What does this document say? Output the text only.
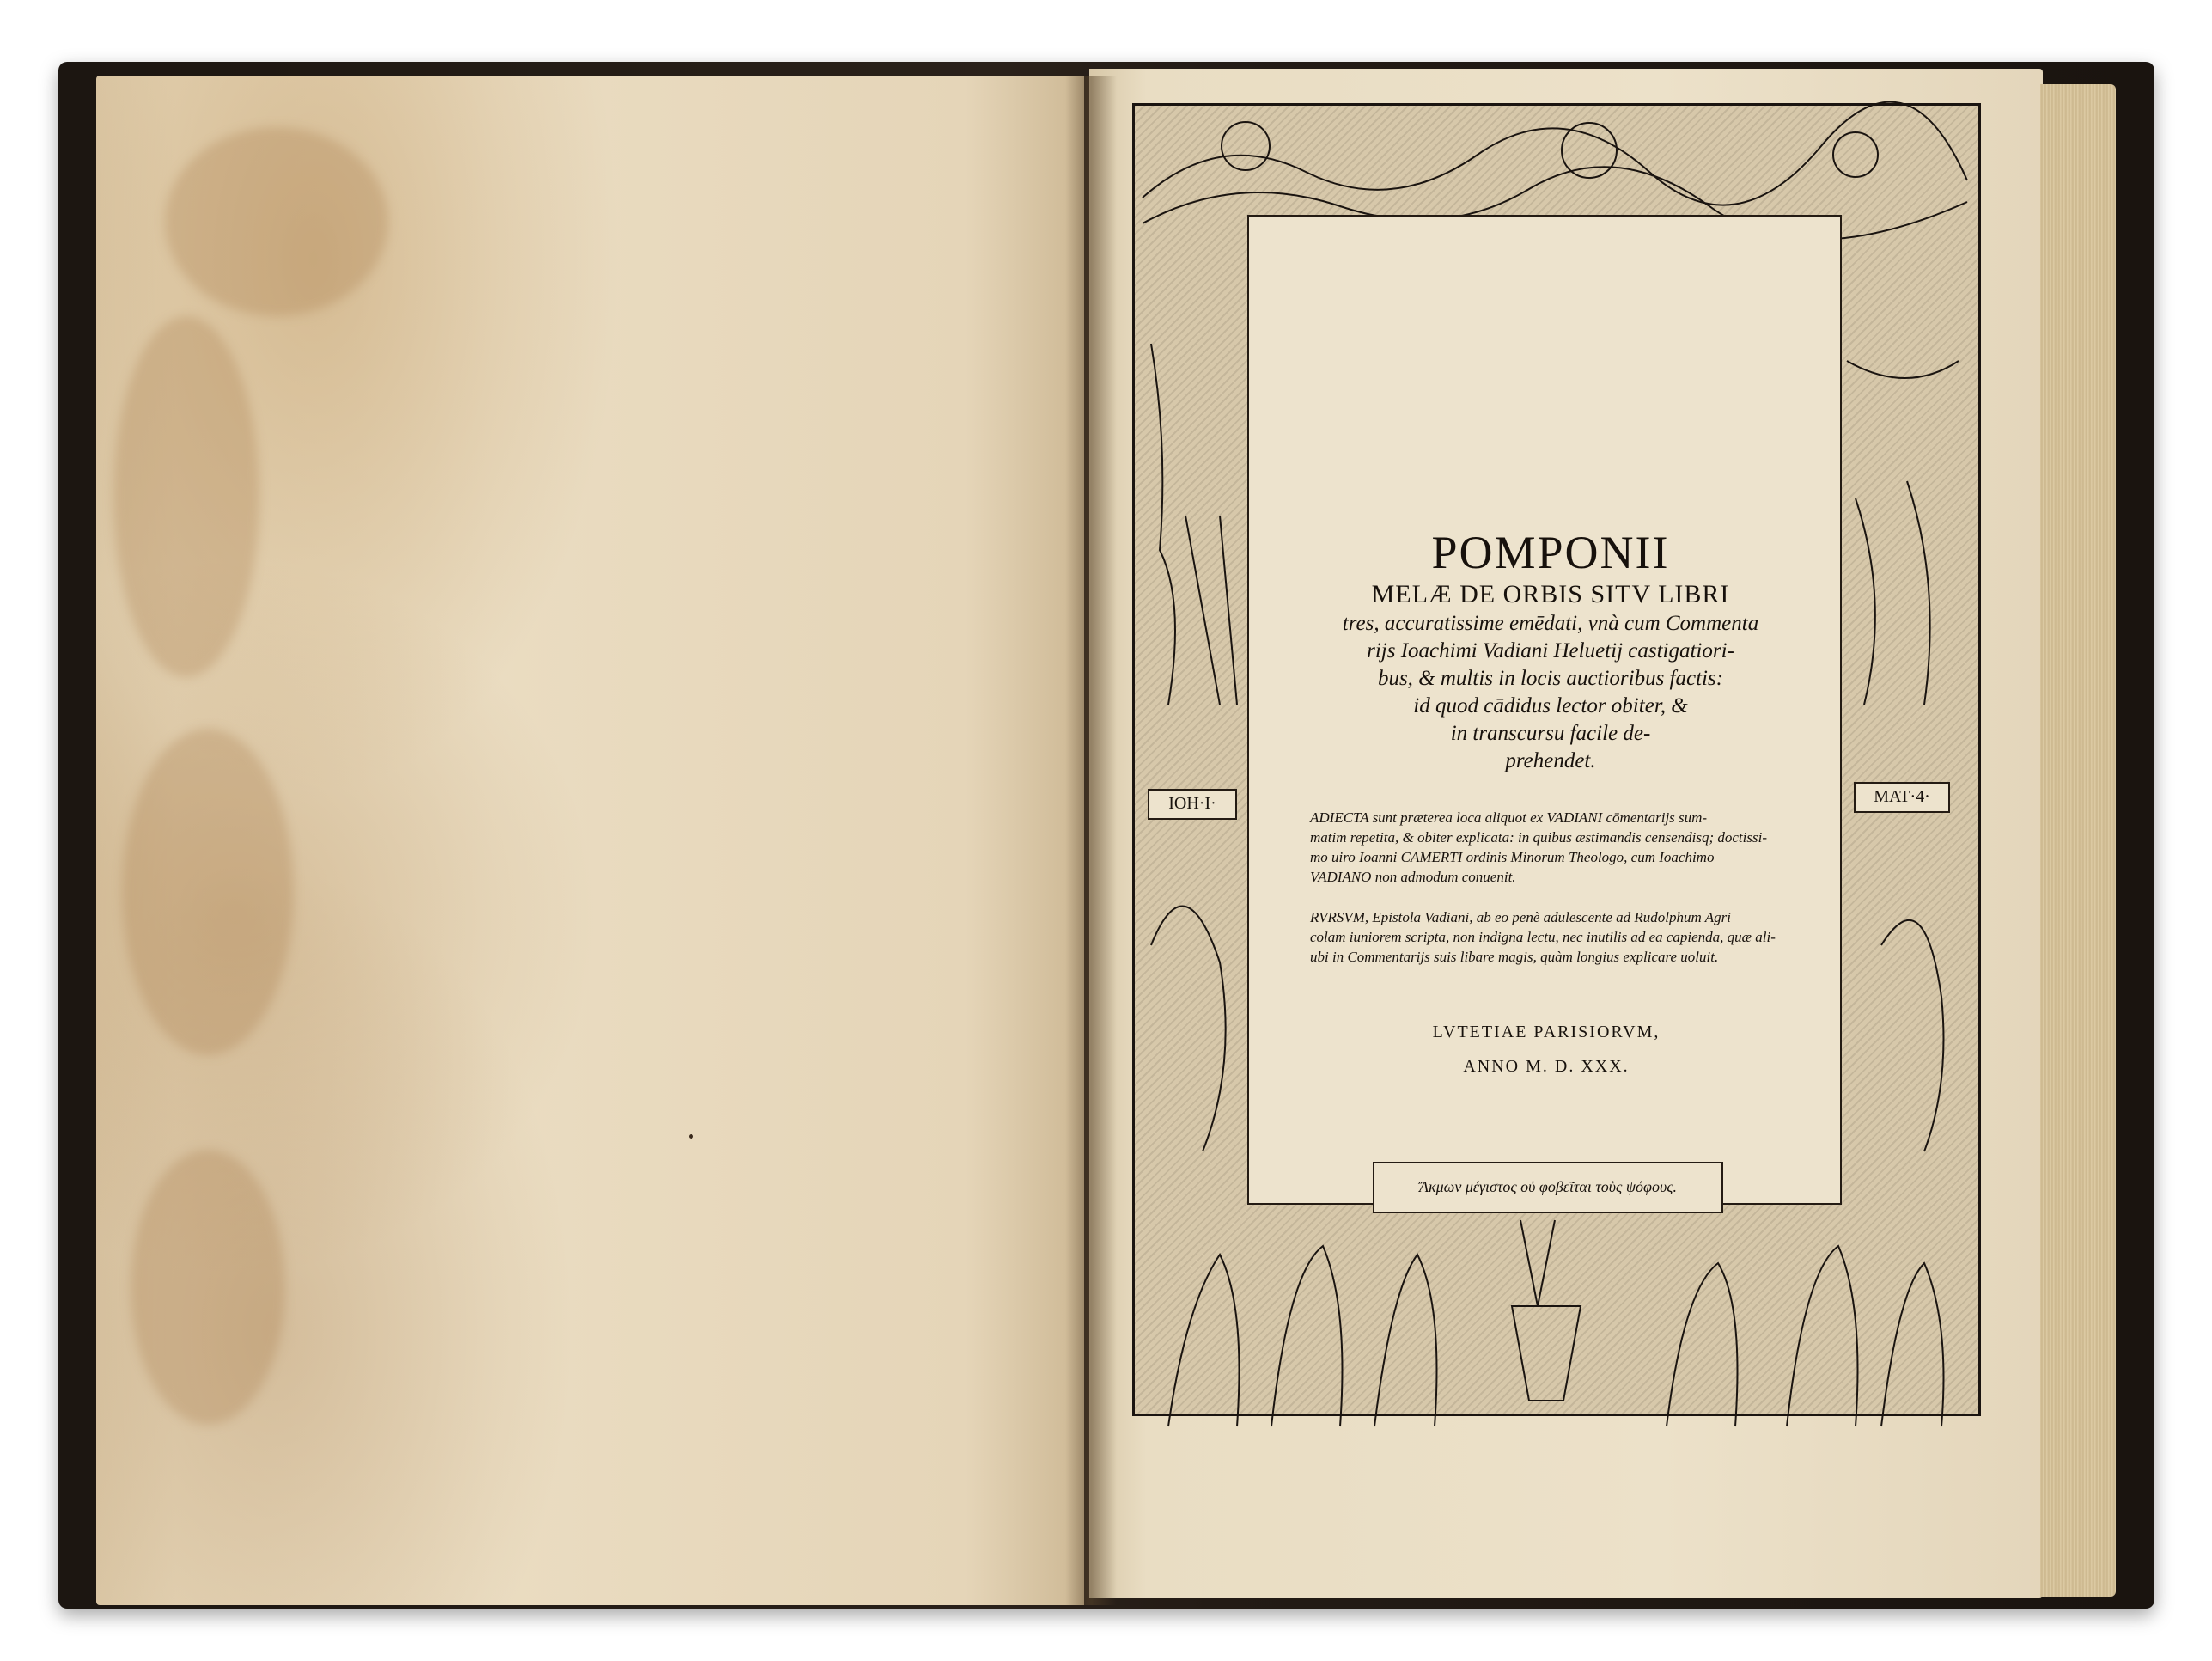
POMPONII
MELÆ DE ORBIS SITV LIBRI
tres, accuratissime emēdati, vnà cum Commenta
rijs Ioachimi Vadiani Heluetij castigatiori-
bus, & multis in locis auctioribus factis:
id quod cādidus lector obiter, &
in transcursu facile de-
prehendet.
ADIECTA sunt præterea loca aliquot ex VADIANI cōmentarijs sum-
matim repetita, & obiter explicata: in quibus æstimandis censendisq; doctissi-
mo uiro Ioanni CAMERTI ordinis Minorum Theologo, cum Ioachimo
VADIANO non admodum conuenit.
RVRSVM, Epistola Vadiani, ab eo penè adulescente ad Rudolphum Agri
colam iuniorem scripta, non indigna lectu, nec inutilis ad ea capienda, quæ ali-
ubi in Commentarijs suis libare magis, quàm longius explicare uoluit.
LVTETIAE PARISIORVM,
ANNO M. D. XXX.
IOH·I·	MAT·4·
Ἄκμων μέγιστος οὐ φοβεῖται τοὺς ψόφους.
